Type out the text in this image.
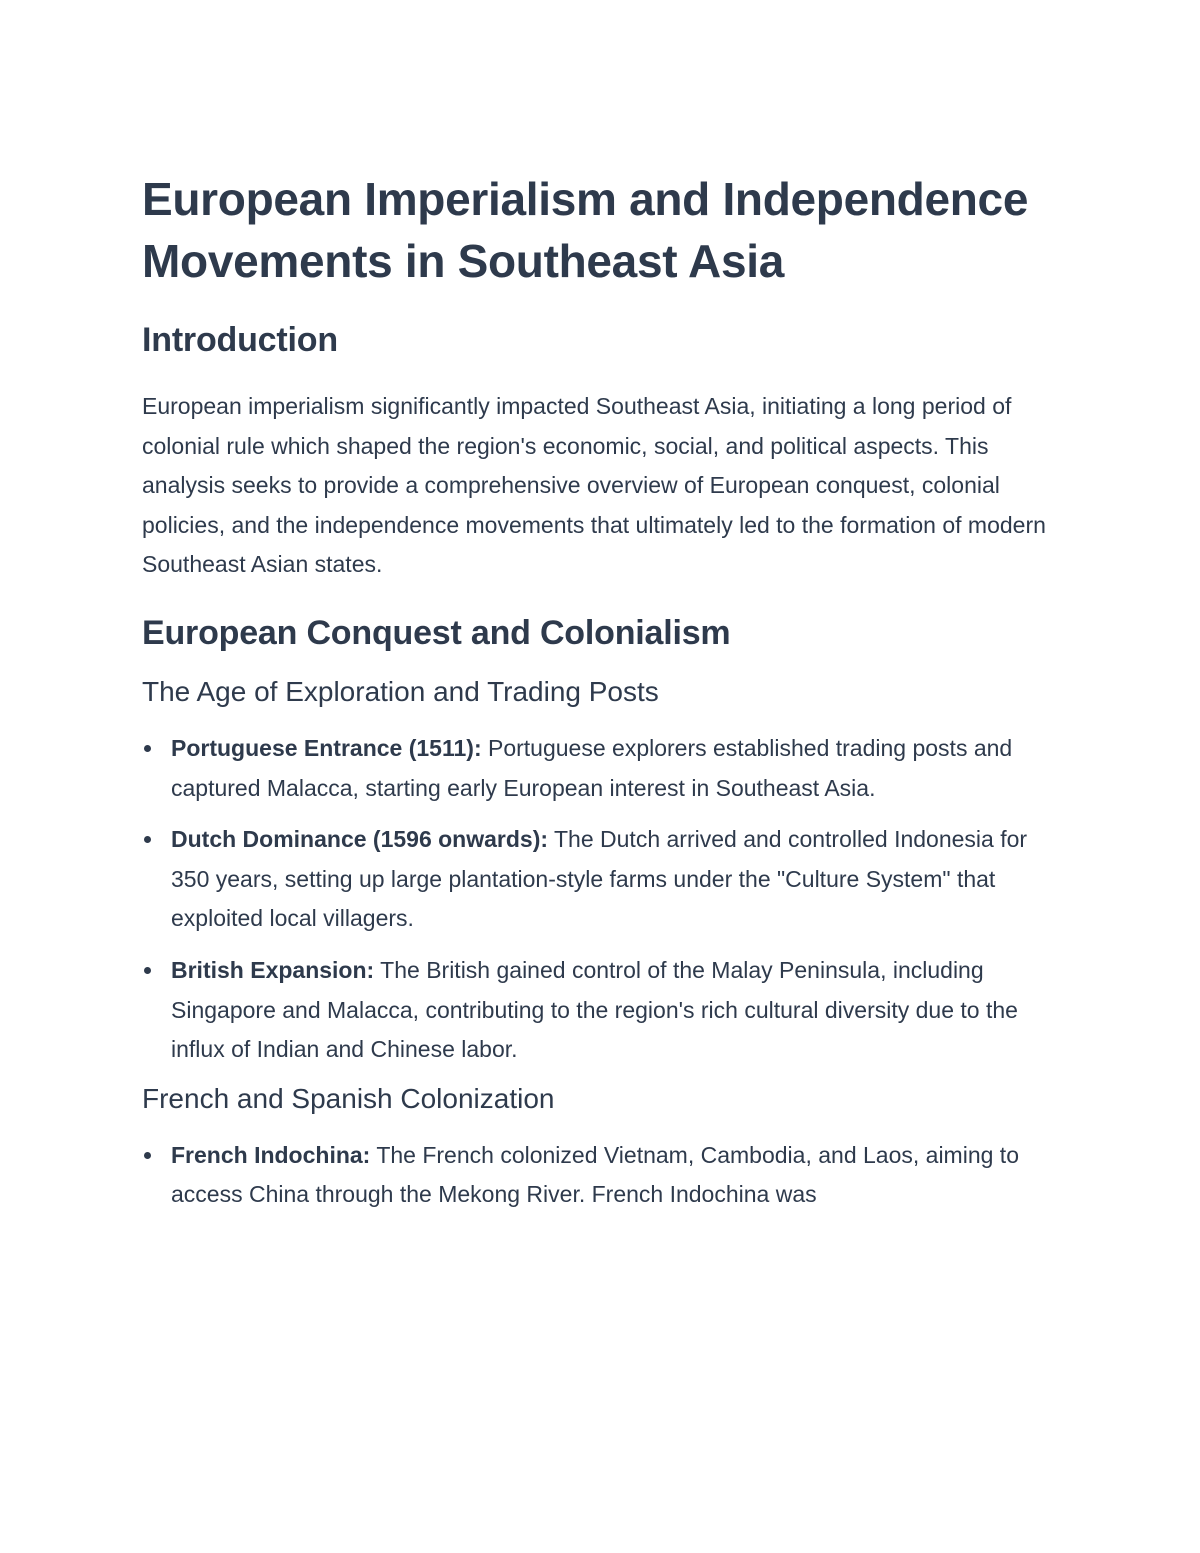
European Imperialism and Independence Movements in Southeast Asia
Introduction

European imperialism significantly impacted Southeast Asia, initiating a long period of colonial rule which shaped the region's economic, social, and political aspects. This analysis seeks to provide a comprehensive overview of European conquest, colonial policies, and the independence movements that ultimately led to the formation of modern Southeast Asian states.

European Conquest and Colonialism
The Age of Exploration and Trading Posts
Portuguese Entrance (1511): Portuguese explorers established trading posts and captured Malacca, starting early European interest in Southeast Asia.
Dutch Dominance (1596 onwards): The Dutch arrived and controlled Indonesia for 350 years, setting up large plantation-style farms under the "Culture System" that exploited local villagers.
British Expansion: The British gained control of the Malay Peninsula, including Singapore and Malacca, contributing to the region's rich cultural diversity due to the influx of Indian and Chinese labor.
French and Spanish Colonization
French Indochina: The French colonized Vietnam, Cambodia, and Laos, aiming to access China through the Mekong River. French Indochina was
